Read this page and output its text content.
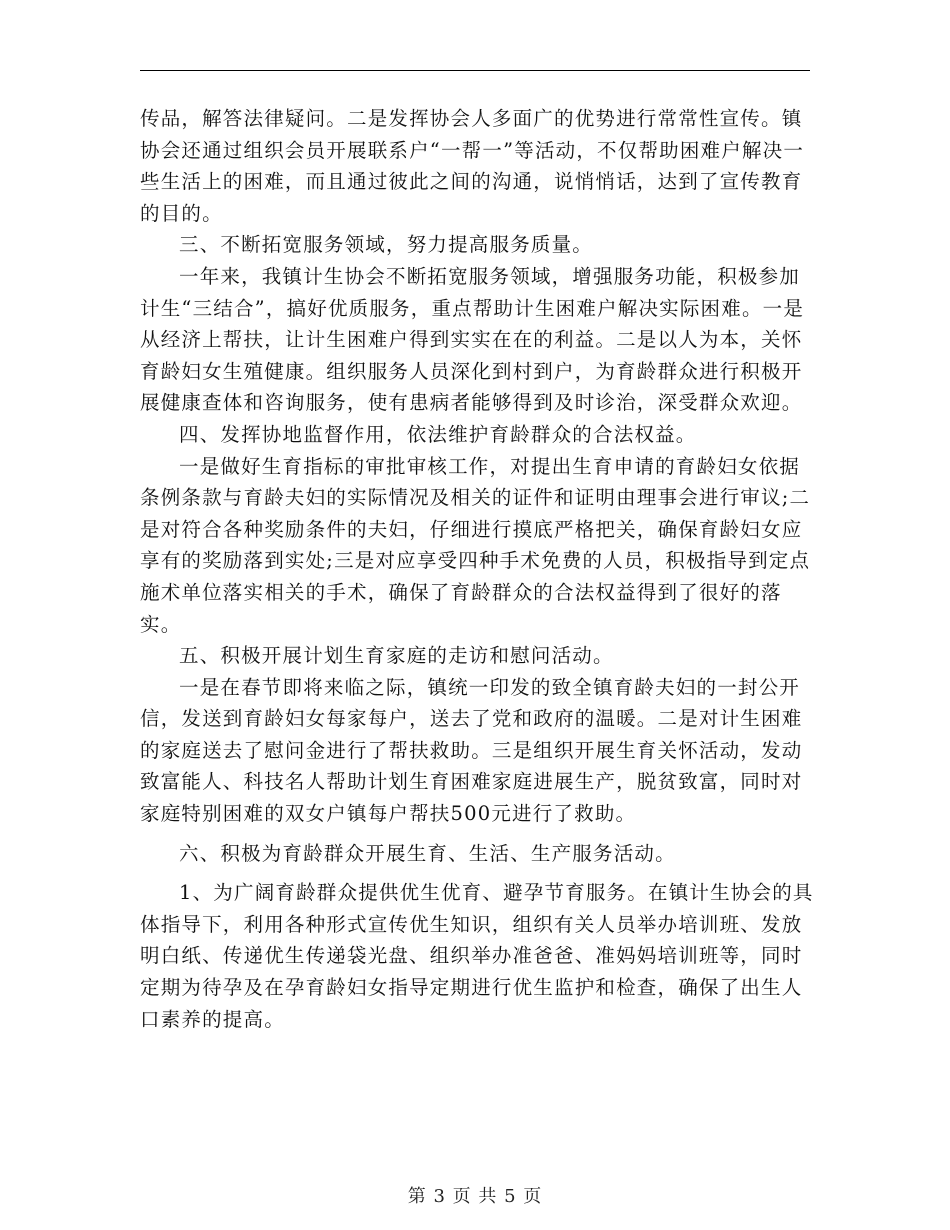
传品，解答法律疑问。二是发挥协会人多面广的优势进行常常性宣传。镇协会还通过组织会员开展联系户“一帮一”等活动，不仅帮助困难户解决一些生活上的困难，而且通过彼此之间的沟通，说悄悄话，达到了宣传教育的目的。

三、不断拓宽服务领域，努力提高服务质量。

一年来，我镇计生协会不断拓宽服务领域，增强服务功能，积极参加计生“三结合”，搞好优质服务，重点帮助计生困难户解决实际困难。一是从经济上帮扶，让计生困难户得到实实在在的利益。二是以人为本，关怀育龄妇女生殖健康。组织服务人员深化到村到户，为育龄群众进行积极开展健康查体和咨询服务，使有患病者能够得到及时诊治，深受群众欢迎。

四、发挥协地监督作用，依法维护育龄群众的合法权益。

一是做好生育指标的审批审核工作，对提出生育申请的育龄妇女依据条例条款与育龄夫妇的实际情况及相关的证件和证明由理事会进行审议;二是对符合各种奖励条件的夫妇，仔细进行摸底严格把关，确保育龄妇女应享有的奖励落到实处;三是对应享受四种手术免费的人员，积极指导到定点施术单位落实相关的手术，确保了育龄群众的合法权益得到了很好的落实。

五、积极开展计划生育家庭的走访和慰问活动。

一是在春节即将来临之际，镇统一印发的致全镇育龄夫妇的一封公开信，发送到育龄妇女每家每户，送去了党和政府的温暖。二是对计生困难的家庭送去了慰问金进行了帮扶救助。三是组织开展生育关怀活动，发动致富能人、科技名人帮助计划生育困难家庭进展生产，脱贫致富，同时对家庭特别困难的双女户镇每户帮扶500元进行了救助。

六、积极为育龄群众开展生育、生活、生产服务活动。

1、为广阔育龄群众提供优生优育、避孕节育服务。在镇计生协会的具体指导下，利用各种形式宣传优生知识，组织有关人员举办培训班、发放明白纸、传递优生传递袋光盘、组织举办准爸爸、准妈妈培训班等，同时定期为待孕及在孕育龄妇女指导定期进行优生监护和检查，确保了出生人口素养的提高。

第 3 页 共 5 页
